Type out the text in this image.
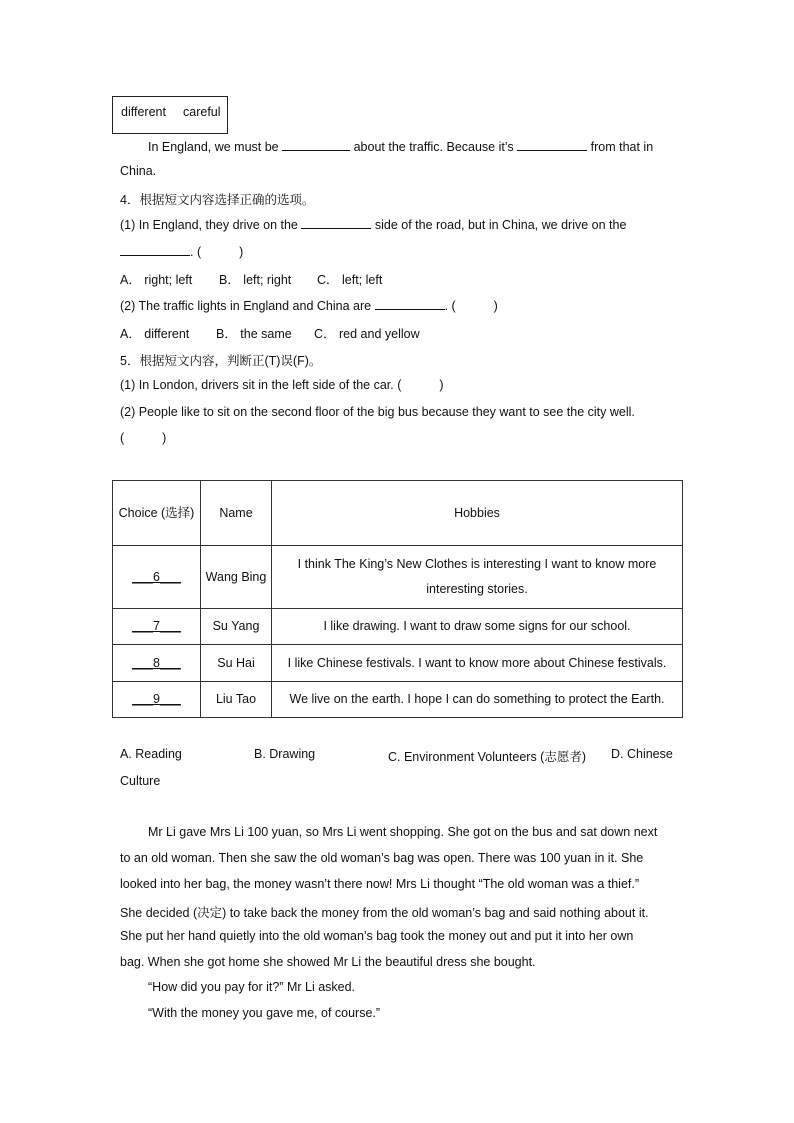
different careful
In England, we must be	about the traffic. Because it’s	from that in
China.
4．根据短文内容选择正确的选项。
(1) In England, they drive on the	side of the road, but in China, we drive on the
. (	)
A． right; left B． left; right C． left; left
(2) The traffic lights in England and China are	. (	)
A． different B． the same C． red and yellow
5．根据短文内容，判断正(T)误(F)。
(1) In London, drivers sit in the left side of the car. (	)
(2) People like to sit on the second floor of the big bus because they want to see the city well.
(	)
Choice (选择)	Name	Hobbies
___6___	Wang Bing	I think The King’s New Clothes is interesting I want to know more interesting stories.
___7___	Su Yang	I like drawing. I want to draw some signs for our school.
___8___	Su Hai	I like Chinese festivals. I want to know more about Chinese festivals.
___9___	Liu Tao	We live on the earth. I hope I can do something to protect the Earth.
A. Reading	B. Drawing	C. Environment Volunteers (志愿者) D. Chinese
Culture
Mr Li gave Mrs Li 100 yuan, so Mrs Li went shopping. She got on the bus and sat down next
to an old woman. Then she saw the old woman’s bag was open. There was 100 yuan in it. She
looked into her bag, the money wasn’t there now! Mrs Li thought “The old woman was a thief.”
She decided (决定) to take back the money from the old woman’s bag and said nothing about it.
She put her hand quietly into the old woman’s bag took the money out and put it into her own
bag. When she got home she showed Mr Li the beautiful dress she bought.
“How did you pay for it?” Mr Li asked.
“With the money you gave me, of course.”
